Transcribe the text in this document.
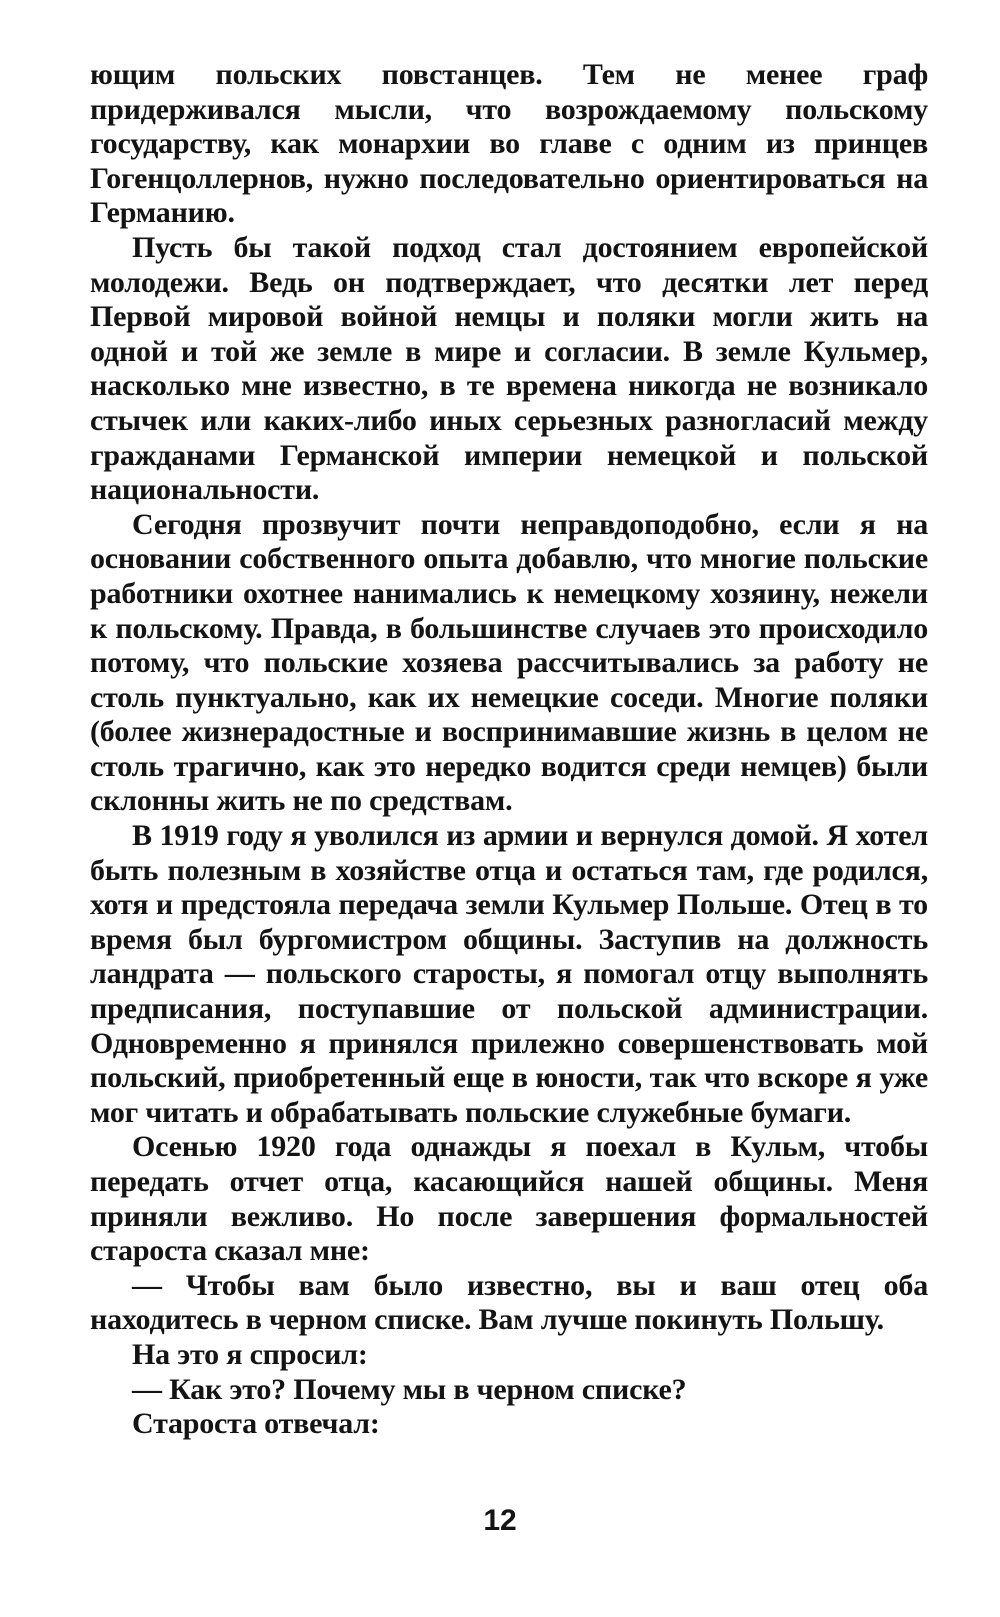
ющим польских повстанцев. Тем не менее граф придерживался мысли, что возрождаемому польскому государству, как монархии во главе с одним из принцев Гогенцоллернов, нужно последовательно ориентироваться на Германию.

Пусть бы такой подход стал достоянием европейской молодежи. Ведь он подтверждает, что десятки лет перед Первой мировой войной немцы и поляки могли жить на одной и той же земле в мире и согласии. В земле Кульмер, насколько мне известно, в те времена никогда не возникало стычек или каких-либо иных серьезных разногласий между гражданами Германской империи немецкой и польской национальности.

Сегодня прозвучит почти неправдоподобно, если я на основании собственного опыта добавлю, что многие польские работники охотнее нанимались к немецкому хозяину, нежели к польскому. Правда, в большинстве случаев это происходило потому, что польские хозяева рассчитывались за работу не столь пунктуально, как их немецкие соседи. Многие поляки (более жизнерадостные и воспринимавшие жизнь в целом не столь трагично, как это нередко водится среди немцев) были склонны жить не по средствам.

В 1919 году я уволился из армии и вернулся домой. Я хотел быть полезным в хозяйстве отца и остаться там, где родился, хотя и предстояла передача земли Кульмер Польше. Отец в то время был бургомистром общины. Заступив на должность ландрата — польского старосты, я помогал отцу выполнять предписания, поступавшие от польской администрации. Одновременно я принялся прилежно совершенствовать мой польский, приобретенный еще в юности, так что вскоре я уже мог читать и обрабатывать польские служебные бумаги.

Осенью 1920 года однажды я поехал в Кульм, чтобы передать отчет отца, касающийся нашей общины. Меня приняли вежливо. Но после завершения формальностей староста сказал мне:

— Чтобы вам было известно, вы и ваш отец оба находитесь в черном списке. Вам лучше покинуть Польшу.

На это я спросил:

— Как это? Почему мы в черном списке?

Староста отвечал:

12
